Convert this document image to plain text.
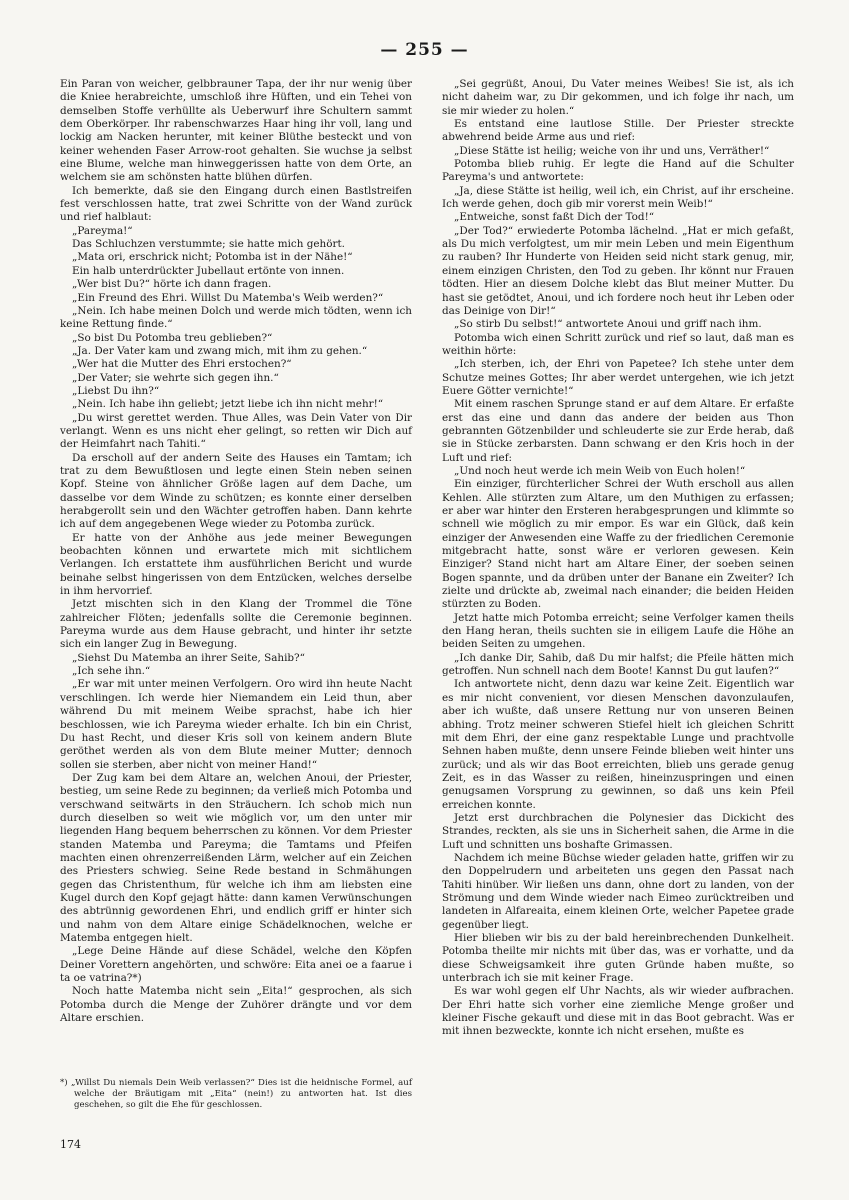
— 255 —

Ein Paran von weicher, gelbbrauner Tapa, der ihr nur wenig über die Kniee herabreichte, umschloß ihre Hüften, und ein Tehei von demselben Stoffe verhüllte als Ueberwurf ihre Schultern sammt dem Oberkörper. Ihr rabenschwarzes Haar hing ihr voll, lang und lockig am Nacken herunter, mit keiner Blüthe besteckt und von keiner wehenden Faser Arrow-root gehalten. Sie wuchse ja selbst eine Blume, welche man hinweggerissen hatte von dem Orte, an welchem sie am schönsten hatte blühen dürfen.

Ich bemerkte, daß sie den Eingang durch einen Bastlstreifen fest verschlossen hatte, trat zwei Schritte von der Wand zurück und rief halblaut:

„Pareyma!“

Das Schluchzen verstummte; sie hatte mich gehört.

„Mata ori, erschrick nicht; Potomba ist in der Nähe!“

Ein halb unterdrückter Jubellaut ertönte von innen.

„Wer bist Du?“ hörte ich dann fragen.

„Ein Freund des Ehri. Willst Du Matemba's Weib werden?“

„Nein. Ich habe meinen Dolch und werde mich tödten, wenn ich keine Rettung finde.“

„So bist Du Potomba treu geblieben?“

„Ja. Der Vater kam und zwang mich, mit ihm zu gehen.“

„Wer hat die Mutter des Ehri erstochen?“

„Der Vater; sie wehrte sich gegen ihn.“

„Liebst Du ihn?“

„Nein. Ich habe ihn geliebt; jetzt liebe ich ihn nicht mehr!“

„Du wirst gerettet werden. Thue Alles, was Dein Vater von Dir verlangt. Wenn es uns nicht eher gelingt, so retten wir Dich auf der Heimfahrt nach Tahiti.“

Da erscholl auf der andern Seite des Hauses ein Tamtam; ich trat zu dem Bewußtlosen und legte einen Stein neben seinen Kopf. Steine von ähnlicher Größe lagen auf dem Dache, um dasselbe vor dem Winde zu schützen; es konnte einer derselben herabgerollt sein und den Wächter getroffen haben. Dann kehrte ich auf dem angegebenen Wege wieder zu Potomba zurück.

Er hatte von der Anhöhe aus jede meiner Bewegungen beobachten können und erwartete mich mit sichtlichem Verlangen. Ich erstattete ihm ausführlichen Bericht und wurde beinahe selbst hingerissen von dem Entzücken, welches derselbe in ihm hervorrief.

Jetzt mischten sich in den Klang der Trommel die Töne zahlreicher Flöten; jedenfalls sollte die Ceremonie beginnen. Pareyma wurde aus dem Hause gebracht, und hinter ihr setzte sich ein langer Zug in Bewegung.

„Siehst Du Matemba an ihrer Seite, Sahib?“

„Ich sehe ihn.“

„Er war mit unter meinen Verfolgern. Oro wird ihn heute Nacht verschlingen. Ich werde hier Niemandem ein Leid thun, aber während Du mit meinem Weibe sprachst, habe ich hier beschlossen, wie ich Pareyma wieder erhalte. Ich bin ein Christ, Du hast Recht, und dieser Kris soll von keinem andern Blute geröthet werden als von dem Blute meiner Mutter; dennoch sollen sie sterben, aber nicht von meiner Hand!“

Der Zug kam bei dem Altare an, welchen Anoui, der Priester, bestieg, um seine Rede zu beginnen; da verließ mich Potomba und verschwand seitwärts in den Sträuchern. Ich schob mich nun durch dieselben so weit wie möglich vor, um den unter mir liegenden Hang bequem beherrschen zu können. Vor dem Priester standen Matemba und Pareyma; die Tamtams und Pfeifen machten einen ohrenzerreißenden Lärm, welcher auf ein Zeichen des Priesters schwieg. Seine Rede bestand in Schmähungen gegen das Christenthum, für welche ich ihm am liebsten eine Kugel durch den Kopf gejagt hätte: dann kamen Verwünschungen des abtrünnig gewordenen Ehri, und endlich griff er hinter sich und nahm von dem Altare einige Schädelknochen, welche er Matemba entgegen hielt.

„Lege Deine Hände auf diese Schädel, welche den Köpfen Deiner Vorettern angehörten, und schwöre: Eita anei oe a faarue i ta oe vatrina?*)

Noch hatte Matemba nicht sein „Eita!“ gesprochen, als sich Potomba durch die Menge der Zuhörer drängte und vor dem Altare erschien.

„Sei gegrüßt, Anoui, Du Vater meines Weibes! Sie ist, als ich nicht daheim war, zu Dir gekommen, und ich folge ihr nach, um sie mir wieder zu holen.“

Es entstand eine lautlose Stille. Der Priester streckte abwehrend beide Arme aus und rief:

„Diese Stätte ist heilig; weiche von ihr und uns, Verräther!“

Potomba blieb ruhig. Er legte die Hand auf die Schulter Pareyma's und antwortete:

„Ja, diese Stätte ist heilig, weil ich, ein Christ, auf ihr erscheine. Ich werde gehen, doch gib mir vorerst mein Weib!“

„Entweiche, sonst faßt Dich der Tod!“

„Der Tod?“ erwiederte Potomba lächelnd. „Hat er mich gefaßt, als Du mich verfolgtest, um mir mein Leben und mein Eigenthum zu rauben? Ihr Hunderte von Heiden seid nicht stark genug, mir, einem einzigen Christen, den Tod zu geben. Ihr könnt nur Frauen tödten. Hier an diesem Dolche klebt das Blut meiner Mutter. Du hast sie getödtet, Anoui, und ich fordere noch heut ihr Leben oder das Deinige von Dir!“

„So stirb Du selbst!“ antwortete Anoui und griff nach ihm.

Potomba wich einen Schritt zurück und rief so laut, daß man es weithin hörte:

„Ich sterben, ich, der Ehri von Papetee? Ich stehe unter dem Schutze meines Gottes; Ihr aber werdet untergehen, wie ich jetzt Euere Götter vernichte!“

Mit einem raschen Sprunge stand er auf dem Altare. Er erfaßte erst das eine und dann das andere der beiden aus Thon gebrannten Götzenbilder und schleuderte sie zur Erde herab, daß sie in Stücke zerbarsten. Dann schwang er den Kris hoch in der Luft und rief:

„Und noch heut werde ich mein Weib von Euch holen!“

Ein einziger, fürchterlicher Schrei der Wuth erscholl aus allen Kehlen. Alle stürzten zum Altare, um den Muthigen zu erfassen; er aber war hinter den Ersteren herabgesprungen und klimmte so schnell wie möglich zu mir empor. Es war ein Glück, daß kein einziger der Anwesenden eine Waffe zu der friedlichen Ceremonie mitgebracht hatte, sonst wäre er verloren gewesen. Kein Einziger? Stand nicht hart am Altare Einer, der soeben seinen Bogen spannte, und da drüben unter der Banane ein Zweiter? Ich zielte und drückte ab, zweimal nach einander; die beiden Heiden stürzten zu Boden.

Jetzt hatte mich Potomba erreicht; seine Verfolger kamen theils den Hang heran, theils suchten sie in eiligem Laufe die Höhe an beiden Seiten zu umgehen.

„Ich danke Dir, Sahib, daß Du mir halfst; die Pfeile hätten mich getroffen. Nun schnell nach dem Boote! Kannst Du gut laufen?“

Ich antwortete nicht, denn dazu war keine Zeit. Eigentlich war es mir nicht convenient, vor diesen Menschen davonzulaufen, aber ich wußte, daß unsere Rettung nur von unseren Beinen abhing. Trotz meiner schweren Stiefel hielt ich gleichen Schritt mit dem Ehri, der eine ganz respektable Lunge und prachtvolle Sehnen haben mußte, denn unsere Feinde blieben weit hinter uns zurück; und als wir das Boot erreichten, blieb uns gerade genug Zeit, es in das Wasser zu reißen, hineinzuspringen und einen genugsamen Vorsprung zu gewinnen, so daß uns kein Pfeil erreichen konnte.

Jetzt erst durchbrachen die Polynesier das Dickicht des Strandes, reckten, als sie uns in Sicherheit sahen, die Arme in die Luft und schnitten uns boshafte Grimassen.

Nachdem ich meine Büchse wieder geladen hatte, griffen wir zu den Doppelrudern und arbeiteten uns gegen den Passat nach Tahiti hinüber. Wir ließen uns dann, ohne dort zu landen, von der Strömung und dem Winde wieder nach Eimeo zurücktreiben und landeten in Alfareaita, einem kleinen Orte, welcher Papetee grade gegenüber liegt.

Hier blieben wir bis zu der bald hereinbrechenden Dunkelheit. Potomba theilte mir nichts mit über das, was er vorhatte, und da diese Schweigsamkeit ihre guten Gründe haben mußte, so unterbrach ich sie mit keiner Frage.

Es war wohl gegen elf Uhr Nachts, als wir wieder aufbrachen. Der Ehri hatte sich vorher eine ziemliche Menge großer und kleiner Fische gekauft und diese mit in das Boot gebracht. Was er mit ihnen bezweckte, konnte ich nicht ersehen, mußte es

*) „Willst Du niemals Dein Weib verlassen?“ Dies ist die heidnische Formel, auf welche der Bräutigam mit „Eita“ (nein!) zu antworten hat. Ist dies geschehen, so gilt die Ehe für geschlossen.

174
